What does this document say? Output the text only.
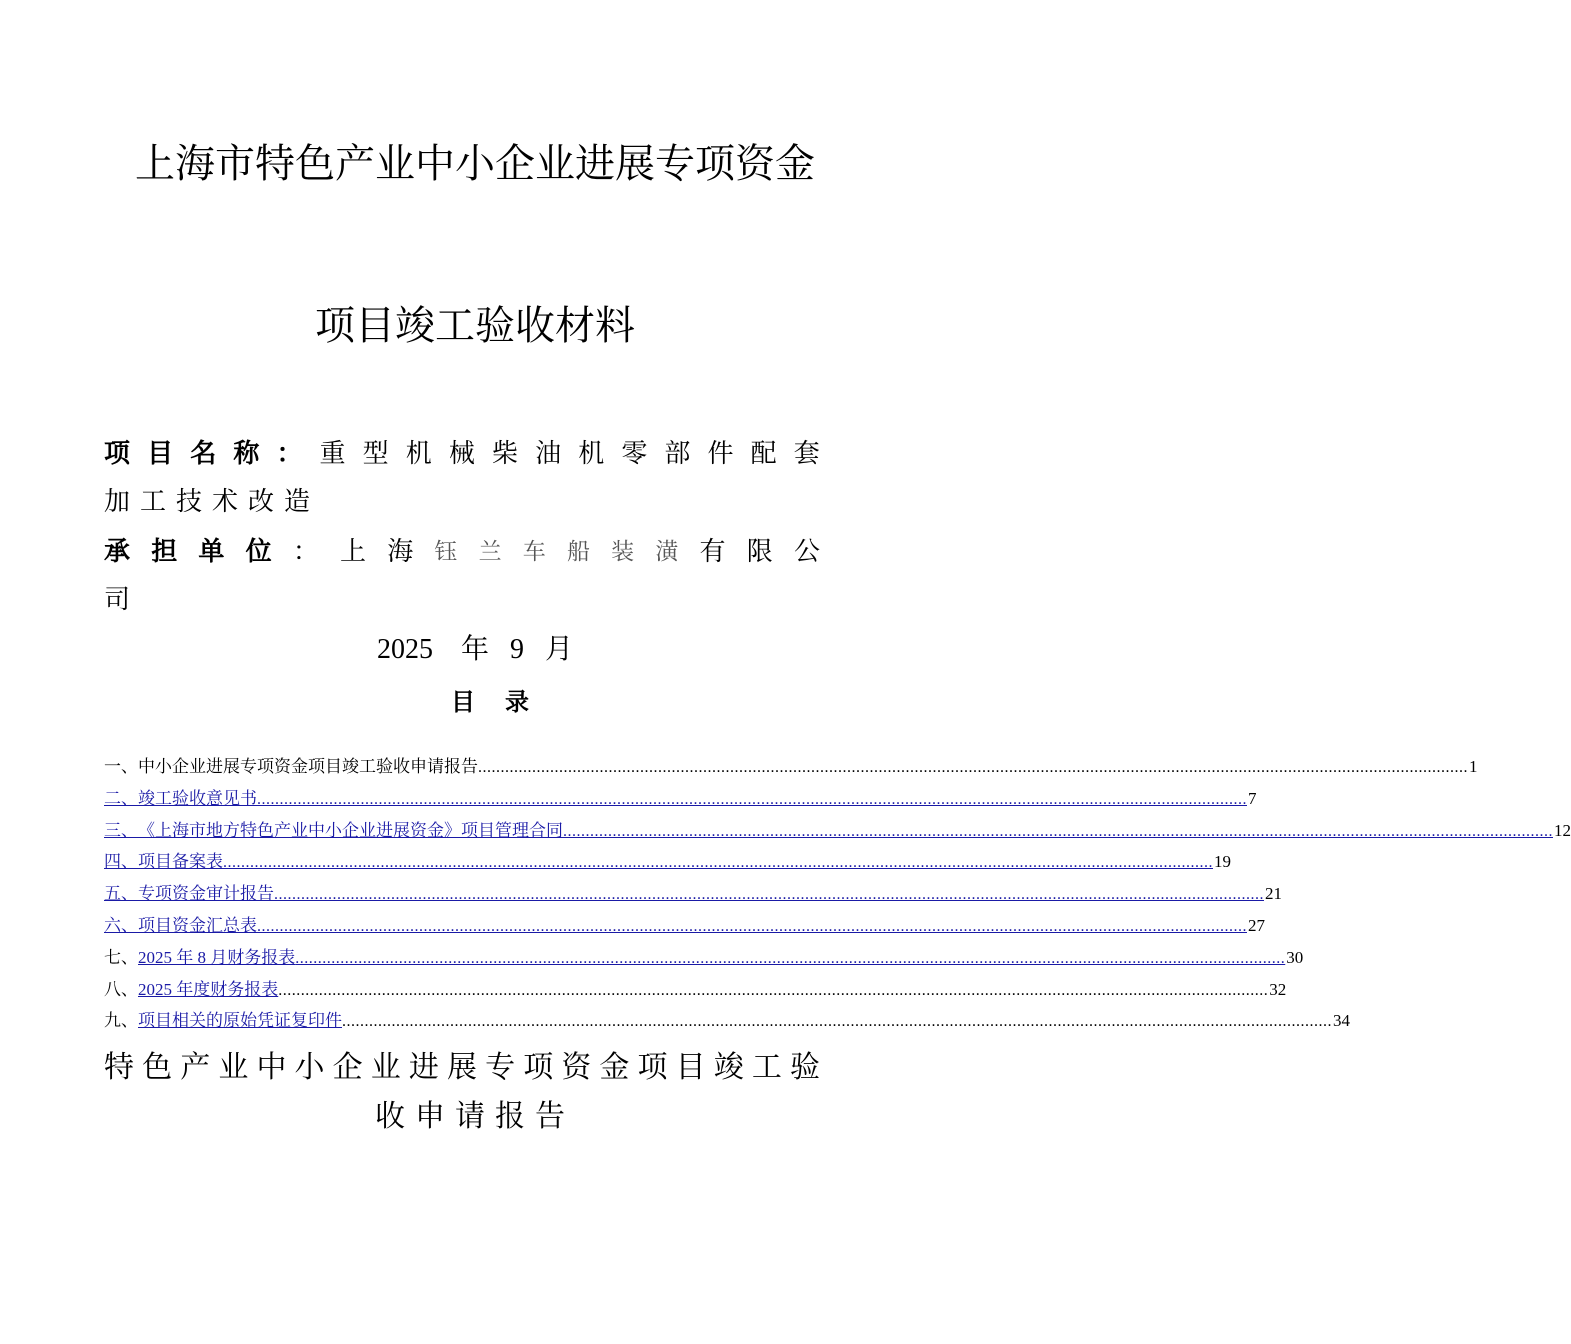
上海市特色产业中小企业进展专项资金
项目竣工验收材料
项 目 名 称 ： 重 型 机 械 柴 油 机 零 部 件 配 套
加工技术改造
承 担 单 位 ： 上 海 钰 兰 车 船 装 潢 有 限 公
司
2025    年   9   月
目录
一、 中小企业进展专项资金项目竣工验收申请报告 ............................................................................................................................................................................................................................ 1
二、 竣工验收意见书 ............................................................................................................................................................................................................................ 7
三、 《上海市地方特色产业中小企业进展资金》项目管理合同 ............................................................................................................................................................................................................................ 12
四、 项目备案表 ............................................................................................................................................................................................................................ 19
五、 专项资金审计报告 ............................................................................................................................................................................................................................ 21
六、 项目资金汇总表 ............................................................................................................................................................................................................................ 27
七、 2025 年 8 月财务报表 ............................................................................................................................................................................................................................ 30
八、 2025 年度财务报表 ............................................................................................................................................................................................................................ 32
九、 项目相关的原始凭证复印件 ............................................................................................................................................................................................................................ 34
特 色 产 业 中 小 企 业 进 展 专 项 资 金 项 目 竣 工 验
收申请报告
